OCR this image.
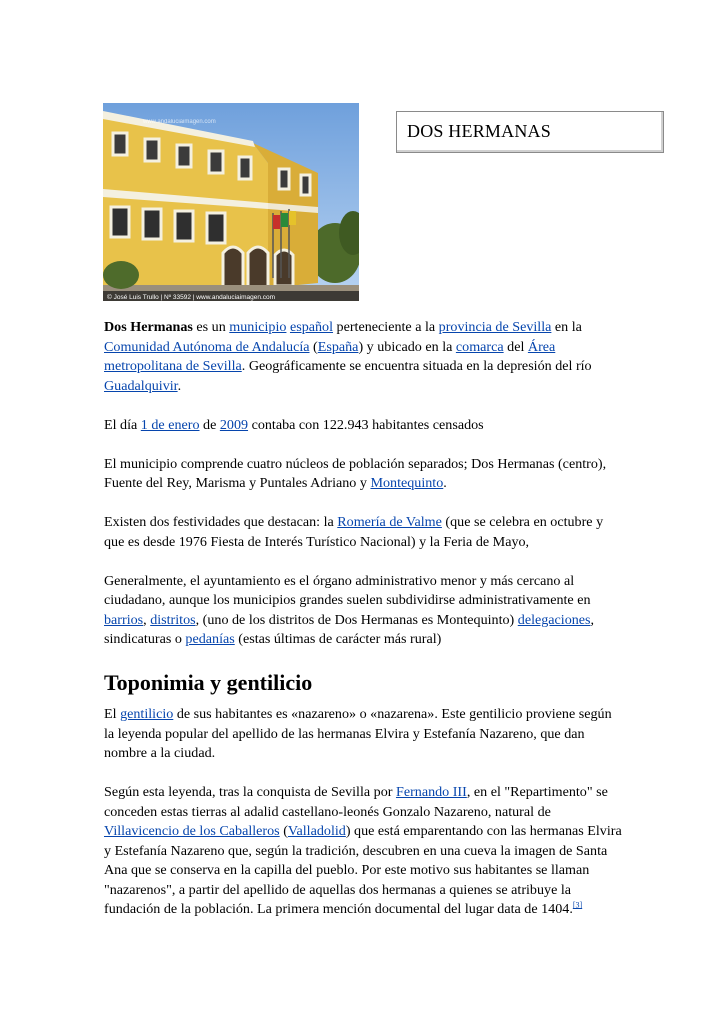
© José Luis Trullo | Nº 33592 | www.andaluciaimagen.com
www.andaluciaimagen.com	DOS HERMANAS

Dos Hermanas es un municipio español perteneciente a la provincia de Sevilla en la Comunidad Autónoma de Andalucía (España) y ubicado en la comarca del Área metropolitana de Sevilla. Geográficamente se encuentra situada en la depresión del río Guadalquivir.

El día 1 de enero de 2009 contaba con 122.943 habitantes censados

El municipio comprende cuatro núcleos de población separados; Dos Hermanas (centro), Fuente del Rey, Marisma y Puntales Adriano y Montequinto.

Existen dos festividades que destacan: la Romería de Valme (que se celebra en octubre y que es desde 1976 Fiesta de Interés Turístico Nacional) y la Feria de Mayo,

Generalmente, el ayuntamiento es el órgano administrativo menor y más cercano al ciudadano, aunque los municipios grandes suelen subdividirse administrativamente en barrios, distritos, (uno de los distritos de Dos Hermanas es Montequinto) delegaciones, sindicaturas o pedanías (estas últimas de carácter más rural)

Toponimia y gentilicio

El gentilicio de sus habitantes es «nazareno» o «nazarena». Este gentilicio proviene según la leyenda popular del apellido de las hermanas Elvira y Estefanía Nazareno, que dan nombre a la ciudad.

Según esta leyenda, tras la conquista de Sevilla por Fernando III, en el "Repartimento" se conceden estas tierras al adalid castellano-leonés Gonzalo Nazareno, natural de Villavicencio de los Caballeros (Valladolid) que está emparentando con las hermanas Elvira y Estefanía Nazareno que, según la tradición, descubren en una cueva la imagen de Santa Ana que se conserva en la capilla del pueblo. Por este motivo sus habitantes se llaman "nazarenos", a partir del apellido de aquellas dos hermanas a quienes se atribuye la fundación de la población. La primera mención documental del lugar data de 1404.[3]
